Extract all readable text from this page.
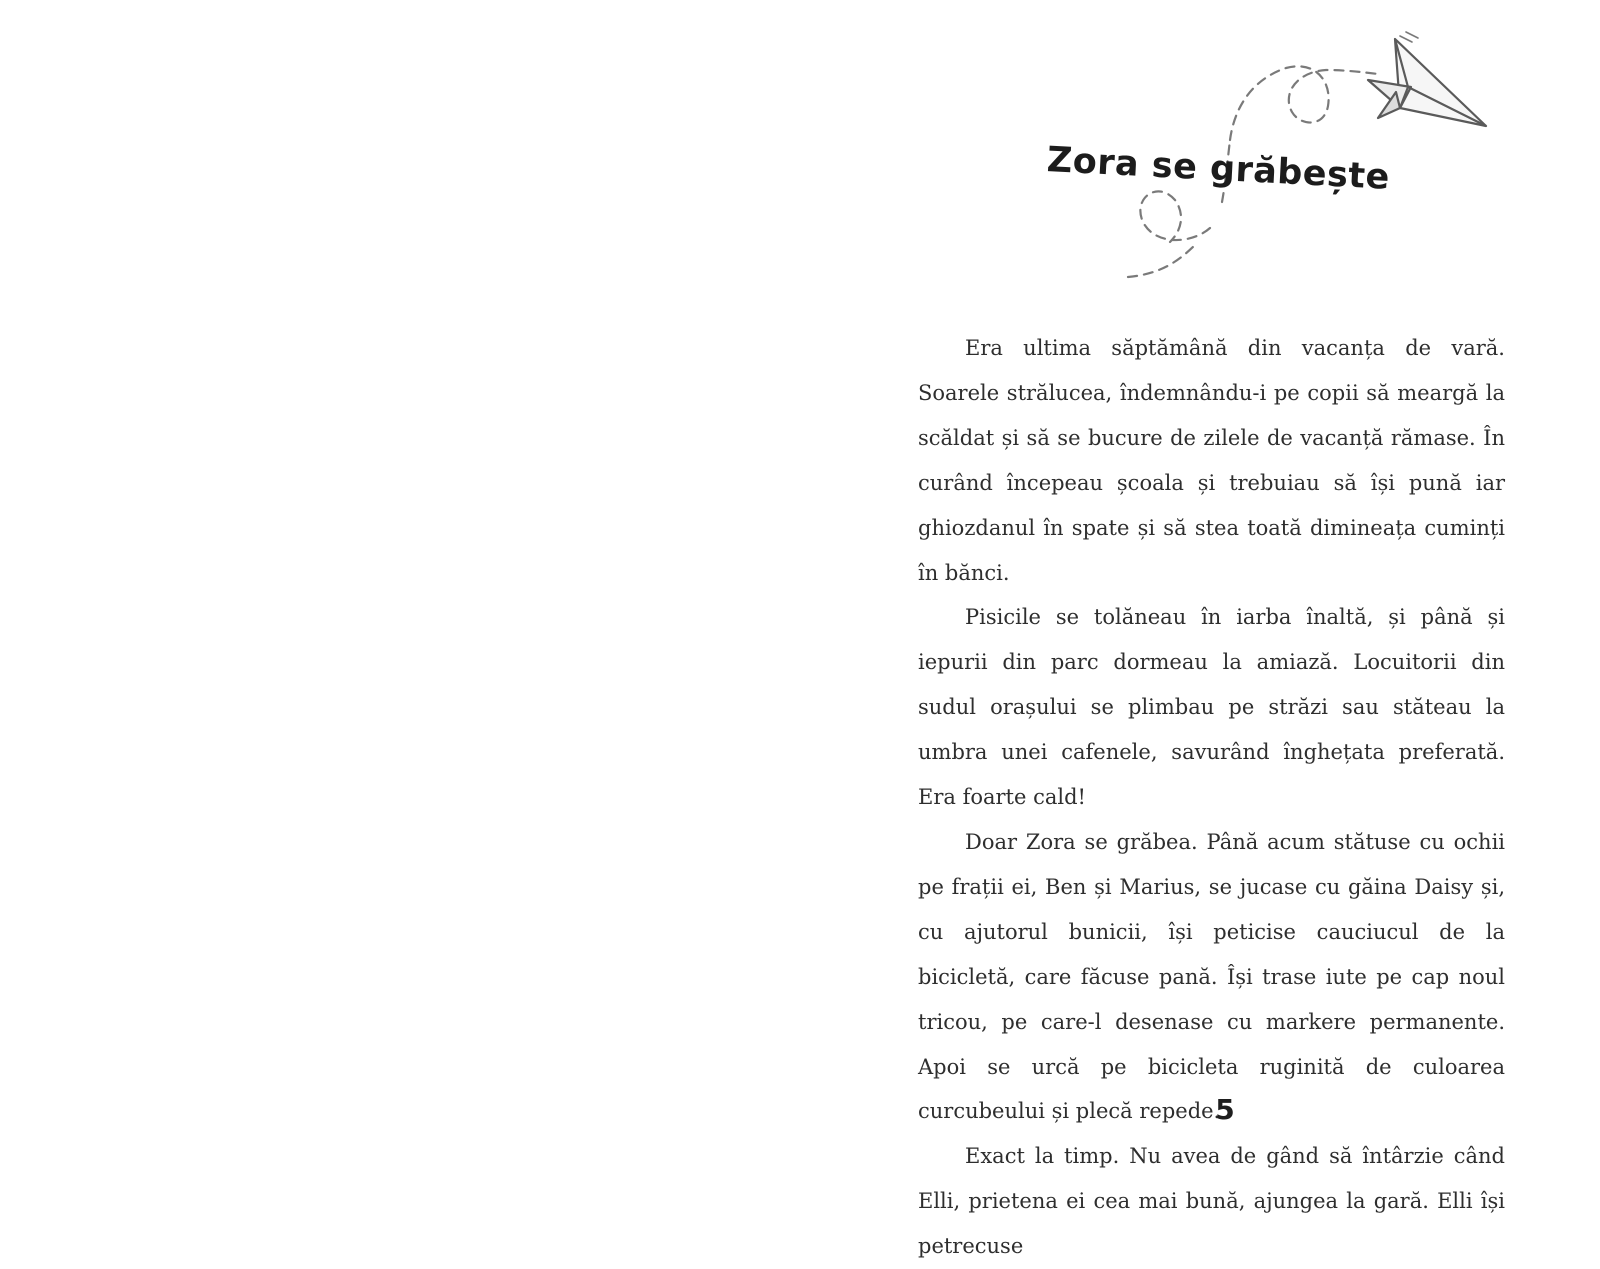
Zora se grăbește

Era ultima săptămână din vacanța de vară. Soarele strălucea, îndemnându-i pe copii să meargă la scăldat și să se bucure de zilele de vacanță rămase. În curând începeau școala și trebuiau să își pună iar ghiozdanul în spate și să stea toată dimineața cuminți în bănci.

Pisicile se tolăneau în iarba înaltă, și până și iepurii din parc dormeau la amiază. Locuitorii din sudul orașului se plimbau pe străzi sau stăteau la umbra unei cafenele, savurând înghețata preferată. Era foarte cald!

Doar Zora se grăbea. Până acum stătuse cu ochii pe frații ei, Ben și Marius, se jucase cu găina Daisy și, cu ajutorul bunicii, își peticise cauciucul de la bicicletă, care făcuse pană. Își trase iute pe cap noul tricou, pe care-l desenase cu markere permanente. Apoi se urcă pe bicicleta ruginită de culoarea curcubeului și plecă repede.

Exact la timp. Nu avea de gând să întârzie când Elli, prietena ei cea mai bună, ajungea la gară. Elli își petrecuse

5
